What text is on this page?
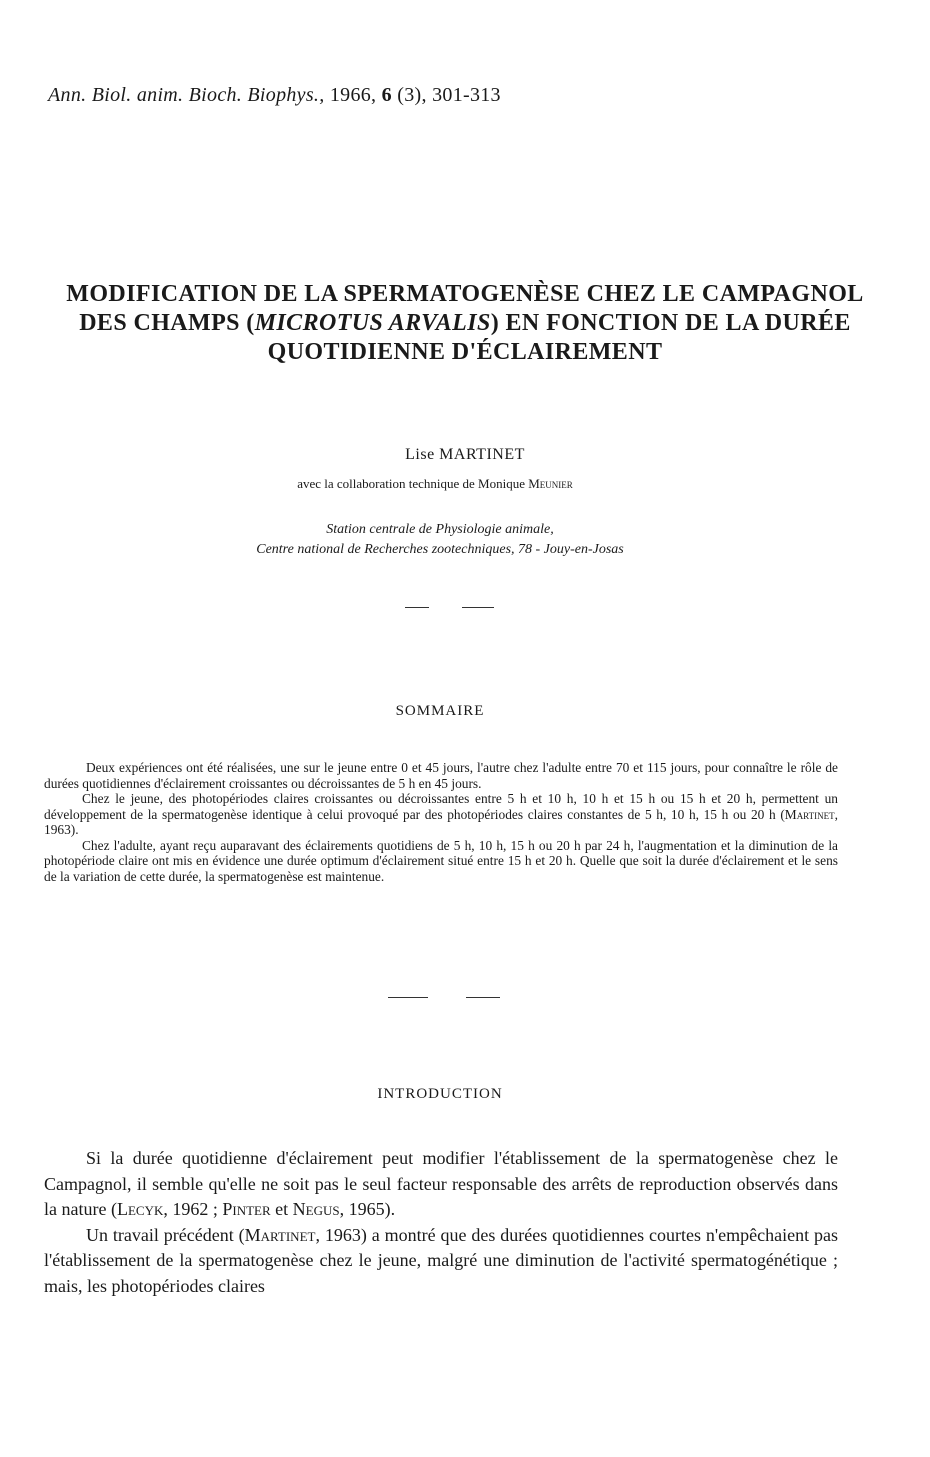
Ann. Biol. anim. Bioch. Biophys., 1966, 6 (3), 301-313
MODIFICATION DE LA SPERMATOGENÈSE CHEZ LE CAMPAGNOL DES CHAMPS (MICROTUS ARVALIS) EN FONCTION DE LA DURÉE QUOTIDIENNE D'ÉCLAIREMENT
Lise MARTINET
avec la collaboration technique de Monique Meunier
Station centrale de Physiologie animale,
Centre national de Recherches zootechniques, 78 - Jouy-en-Josas
SOMMAIRE

Deux expériences ont été réalisées, une sur le jeune entre 0 et 45 jours, l'autre chez l'adulte entre 70 et 115 jours, pour connaître le rôle de durées quotidiennes d'éclairement croissantes ou décroissantes de 5 h en 45 jours.

Chez le jeune, des photopériodes claires croissantes ou décroissantes entre 5 h et 10 h, 10 h et 15 h ou 15 h et 20 h, permettent un développement de la spermatogenèse identique à celui provoqué par des photopériodes claires constantes de 5 h, 10 h, 15 h ou 20 h (Martinet, 1963).

Chez l'adulte, ayant reçu auparavant des éclairements quotidiens de 5 h, 10 h, 15 h ou 20 h par 24 h, l'augmentation et la diminution de la photopériode claire ont mis en évidence une durée optimum d'éclairement situé entre 15 h et 20 h. Quelle que soit la durée d'éclairement et le sens de la variation de cette durée, la spermatogenèse est maintenue.

INTRODUCTION

Si la durée quotidienne d'éclairement peut modifier l'établissement de la spermatogenèse chez le Campagnol, il semble qu'elle ne soit pas le seul facteur responsable des arrêts de reproduction observés dans la nature (Lecyk, 1962 ; Pinter et Negus, 1965).

Un travail précédent (Martinet, 1963) a montré que des durées quotidiennes courtes n'empêchaient pas l'établissement de la spermatogenèse chez le jeune, malgré une diminution de l'activité spermatogénétique ; mais, les photopériodes claires
